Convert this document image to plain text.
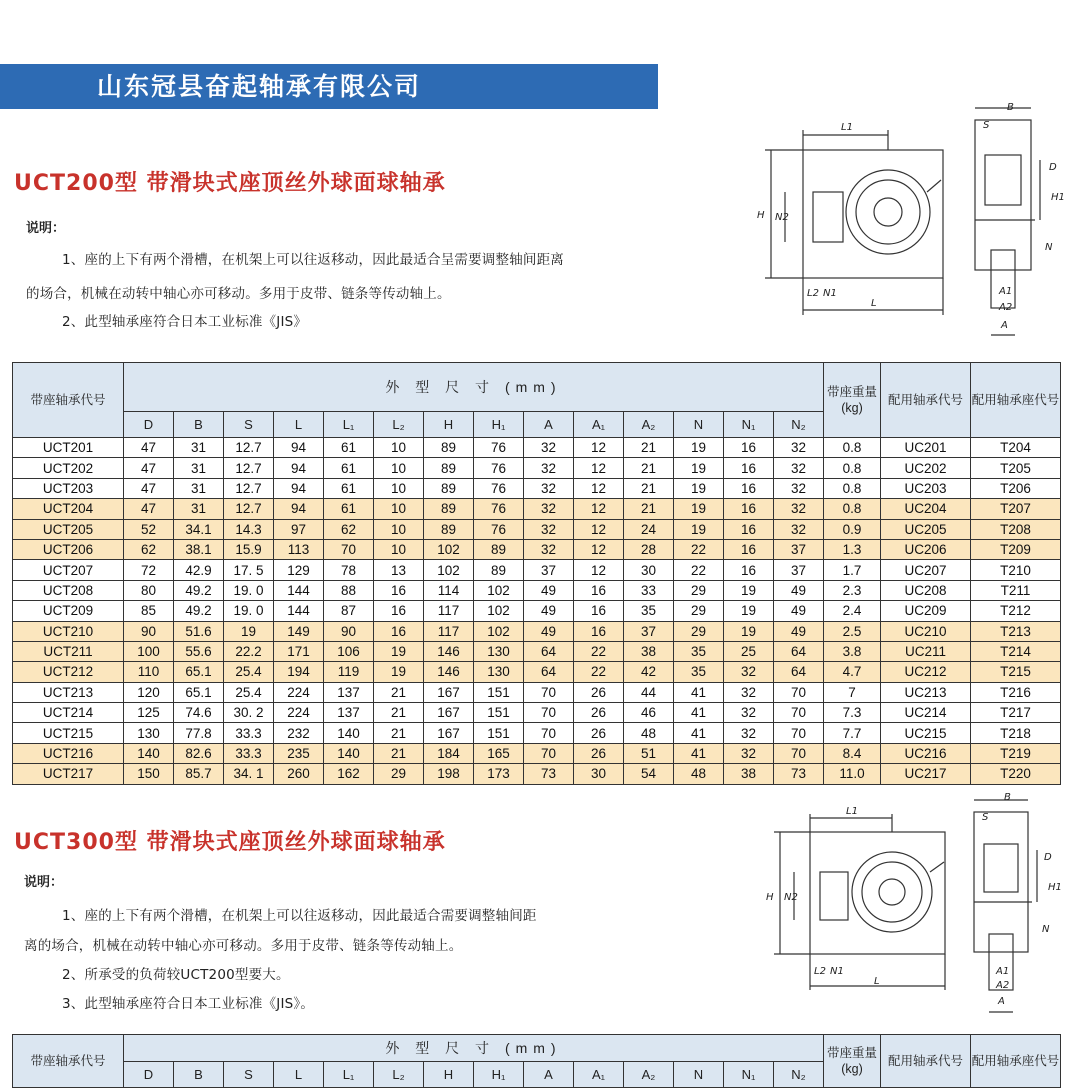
山东冠县奋起轴承有限公司
UCT200型 带滑块式座顶丝外球面球轴承
说明：
1、座的上下有两个滑槽，在机架上可以往返移动，因此最适合呈需要调整轴间距离
的场合，机械在动转中轴心亦可移动。多用于皮带、链条等传动轴上。
2、此型轴承座符合日本工业标准《JIS》
L1
H N2
L2 N1
L
B
S
D
H1
N
A1
A2
A
带座轴承代号	外 型 尺 寸 (mm)														带座重量(kg)	配用轴承代号	配用轴承座代号
	D	B	S	L	L₁	L₂	H	H₁	A	A₁	A₂	N	N₁	N₂			
UCT201	47	31	12.7	94	61	10	89	76	32	12	21	19	16	32	0.8	UC201	T204
UCT202	47	31	12.7	94	61	10	89	76	32	12	21	19	16	32	0.8	UC202	T205
UCT203	47	31	12.7	94	61	10	89	76	32	12	21	19	16	32	0.8	UC203	T206
UCT204	47	31	12.7	94	61	10	89	76	32	12	21	19	16	32	0.8	UC204	T207
UCT205	52	34.1	14.3	97	62	10	89	76	32	12	24	19	16	32	0.9	UC205	T208
UCT206	62	38.1	15.9	113	70	10	102	89	32	12	28	22	16	37	1.3	UC206	T209
UCT207	72	42.9	17. 5	129	78	13	102	89	37	12	30	22	16	37	1.7	UC207	T210
UCT208	80	49.2	19. 0	144	88	16	114	102	49	16	33	29	19	49	2.3	UC208	T211
UCT209	85	49.2	19. 0	144	87	16	117	102	49	16	35	29	19	49	2.4	UC209	T212
UCT210	90	51.6	19	149	90	16	117	102	49	16	37	29	19	49	2.5	UC210	T213
UCT211	100	55.6	22.2	171	106	19	146	130	64	22	38	35	25	64	3.8	UC211	T214
UCT212	110	65.1	25.4	194	119	19	146	130	64	22	42	35	32	64	4.7	UC212	T215
UCT213	120	65.1	25.4	224	137	21	167	151	70	26	44	41	32	70	7	UC213	T216
UCT214	125	74.6	30. 2	224	137	21	167	151	70	26	46	41	32	70	7.3	UC214	T217
UCT215	130	77.8	33.3	232	140	21	167	151	70	26	48	41	32	70	7.7	UC215	T218
UCT216	140	82.6	33.3	235	140	21	184	165	70	26	51	41	32	70	8.4	UC216	T219
UCT217	150	85.7	34. 1	260	162	29	198	173	73	30	54	48	38	73	11.0	UC217	T220
UCT300型 带滑块式座顶丝外球面球轴承
说明：
1、座的上下有两个滑槽，在机架上可以往返移动，因此最适合需要调整轴间距
离的场合，机械在动转中轴心亦可移动。多用于皮带、链条等传动轴上。
2、所承受的负荷较UCT200型要大。
3、此型轴承座符合日本工业标准《JIS》。
L1
H N2
L2 N1
L
B
S
D
H1
N
A1
A2
A
带座轴承代号	外 型 尺 寸 (mm)														带座重量(kg)	配用轴承代号	配用轴承座代号
	D	B	S	L	L₁	L₂	H	H₁	A	A₁	A₂	N	N₁	N₂			
